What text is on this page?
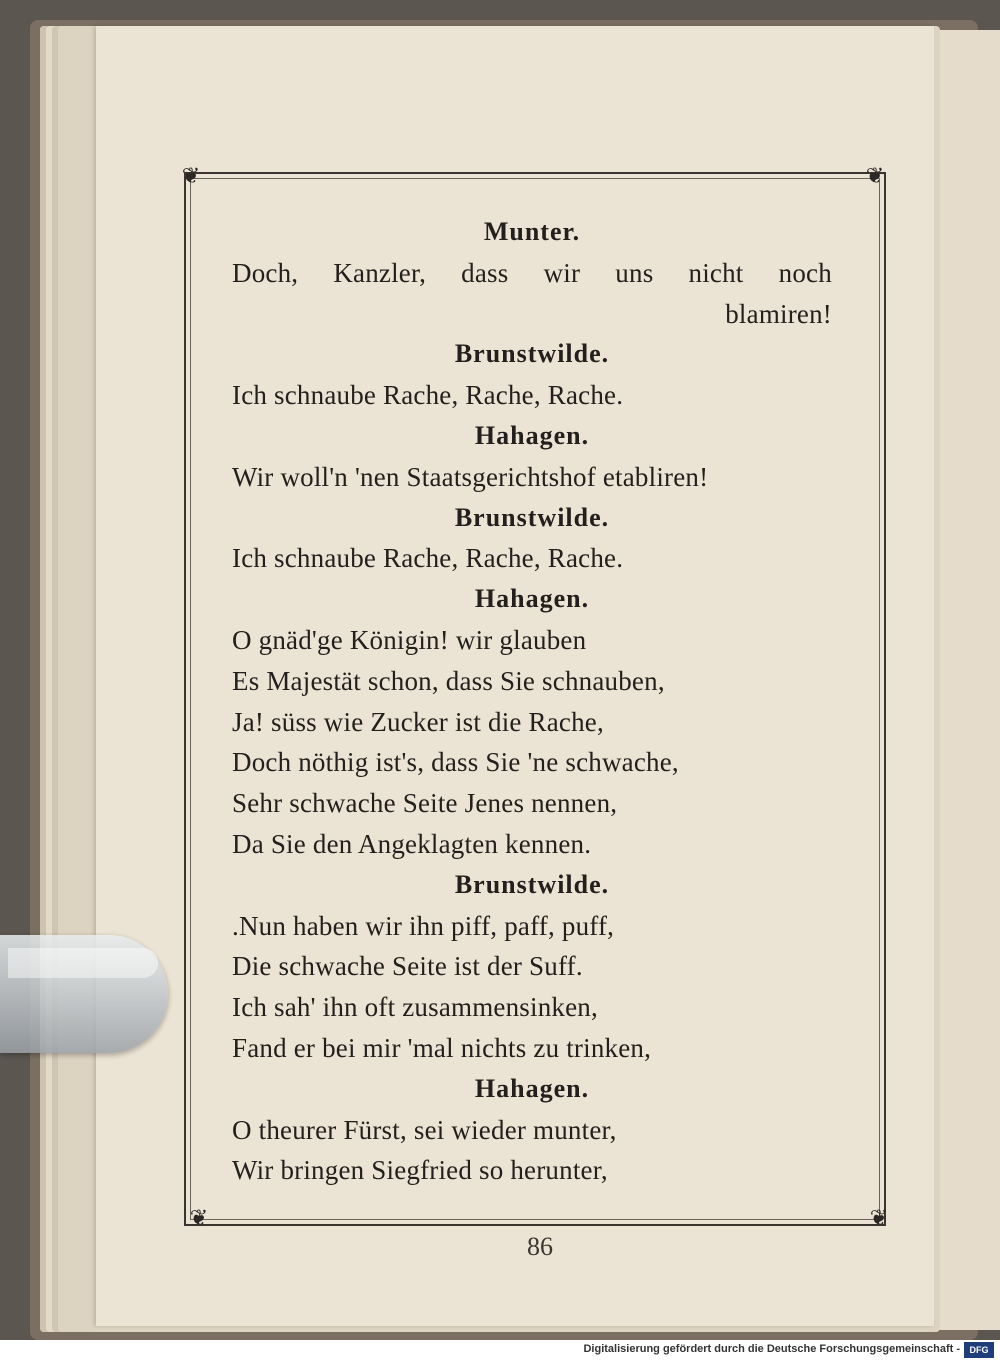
❦	❦
❦	❦
Munter.
Doch, Kanzler, dass wir uns nicht noch
blamiren!
Brunstwilde.
Ich schnaube Rache, Rache, Rache.
Hahagen.
Wir woll'n 'nen Staatsgerichtshof etabliren!
Brunstwilde.
Ich schnaube Rache, Rache, Rache.
Hahagen.
O gnäd'ge Königin! wir glauben
Es Majestät schon, dass Sie schnauben,
Ja! süss wie Zucker ist die Rache,
Doch nöthig ist's, dass Sie 'ne schwache,
Sehr schwache Seite Jenes nennen,
Da Sie den Angeklagten kennen.
Brunstwilde.
.Nun haben wir ihn piff, paff, puff,
Die schwache Seite ist der Suff.
Ich sah' ihn oft zusammensinken,
Fand er bei mir 'mal nichts zu trinken,
Hahagen.
O theurer Fürst, sei wieder munter,
Wir bringen Siegfried so herunter,
86
Digitalisierung gefördert durch die Deutsche Forschungsgemeinschaft -	DFG
